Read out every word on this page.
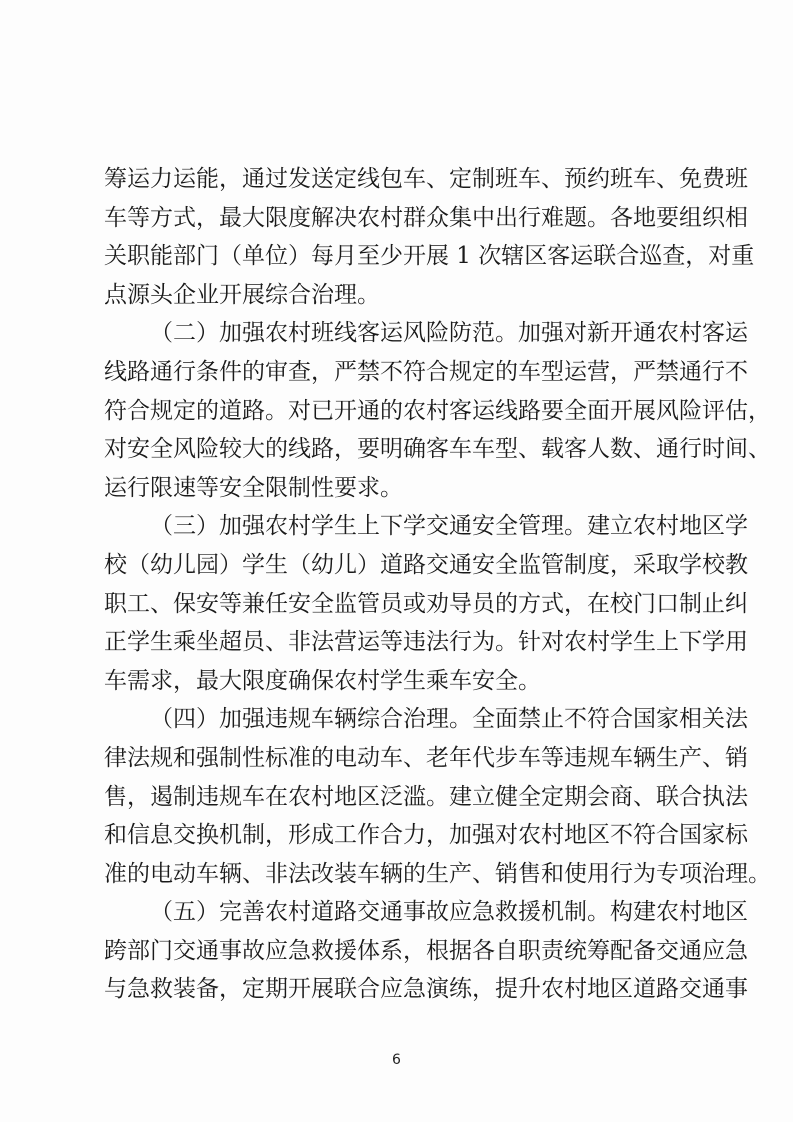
筹运力运能，通过发送定线包车、定制班车、预约班车、免费班
车等方式，最大限度解决农村群众集中出行难题。各地要组织相
关职能部门（单位）每月至少开展 1 次辖区客运联合巡查，对重
点源头企业开展综合治理。

（二）加强农村班线客运风险防范。加强对新开通农村客运
线路通行条件的审查，严禁不符合规定的车型运营，严禁通行不
符合规定的道路。对已开通的农村客运线路要全面开展风险评估，
对安全风险较大的线路，要明确客车车型、载客人数、通行时间、
运行限速等安全限制性要求。

（三）加强农村学生上下学交通安全管理。建立农村地区学
校（幼儿园）学生（幼儿）道路交通安全监管制度，采取学校教
职工、保安等兼任安全监管员或劝导员的方式，在校门口制止纠
正学生乘坐超员、非法营运等违法行为。针对农村学生上下学用
车需求，最大限度确保农村学生乘车安全。

（四）加强违规车辆综合治理。全面禁止不符合国家相关法
律法规和强制性标准的电动车、老年代步车等违规车辆生产、销
售，遏制违规车在农村地区泛滥。建立健全定期会商、联合执法
和信息交换机制，形成工作合力，加强对农村地区不符合国家标
准的电动车辆、非法改装车辆的生产、销售和使用行为专项治理。

（五）完善农村道路交通事故应急救援机制。构建农村地区
跨部门交通事故应急救援体系，根据各自职责统筹配备交通应急
与急救装备，定期开展联合应急演练，提升农村地区道路交通事

6
